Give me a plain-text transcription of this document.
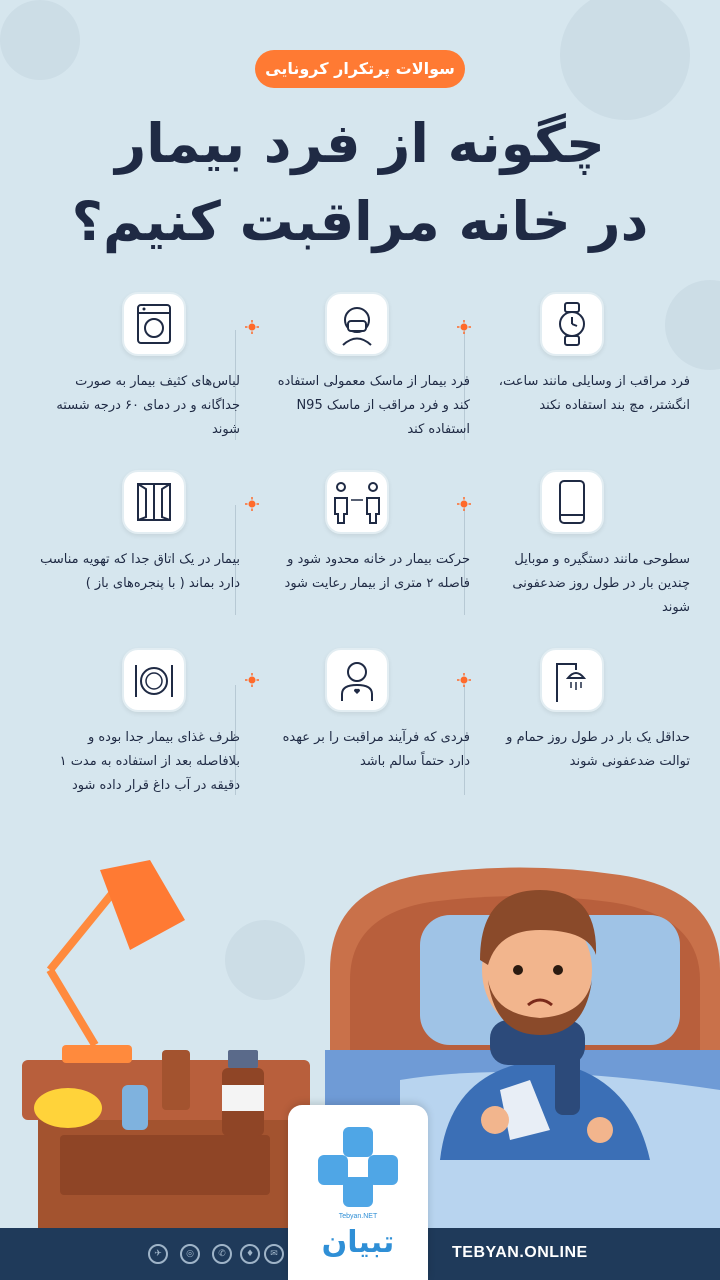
سوالات پرتکرار کرونایی
چگونه از فرد بیمار
در خانه مراقبت کنیم؟
فرد مراقب از وسایلی مانند ساعت، انگشتر، مچ بند استفاده نکند
فرد بیمار از ماسک معمولی استفاده کند و فرد مراقب از ماسک N95 استفاده کند
لباس‌های کثیف بیمار به صورت جداگانه و در دمای ۶۰ درجه شسته شوند
سطوحی مانند دستگیره و موبایل چندین بار در طول روز ضدعفونی شوند
حرکت بیمار در خانه محدود شود و فاصله ۲ متری از بیمار رعایت شود
بیمار در یک اتاق جدا که تهویه مناسب دارد بماند ( با پنجره‌های باز )
حداقل یک بار در طول روز حمام و توالت ضدعفونی شوند
فردی که فرآیند مراقبت را بر عهده دارد حتماً سالم باشد
ظرف غذای بیمار جدا بوده و بلافاصله بعد از استفاده به مدت ۱ دقیقه در آب داغ قرار داده شود
✈	◎	✆	♦	✉
Tebyan.NET
تبیان	TEBYAN.ONLINE
